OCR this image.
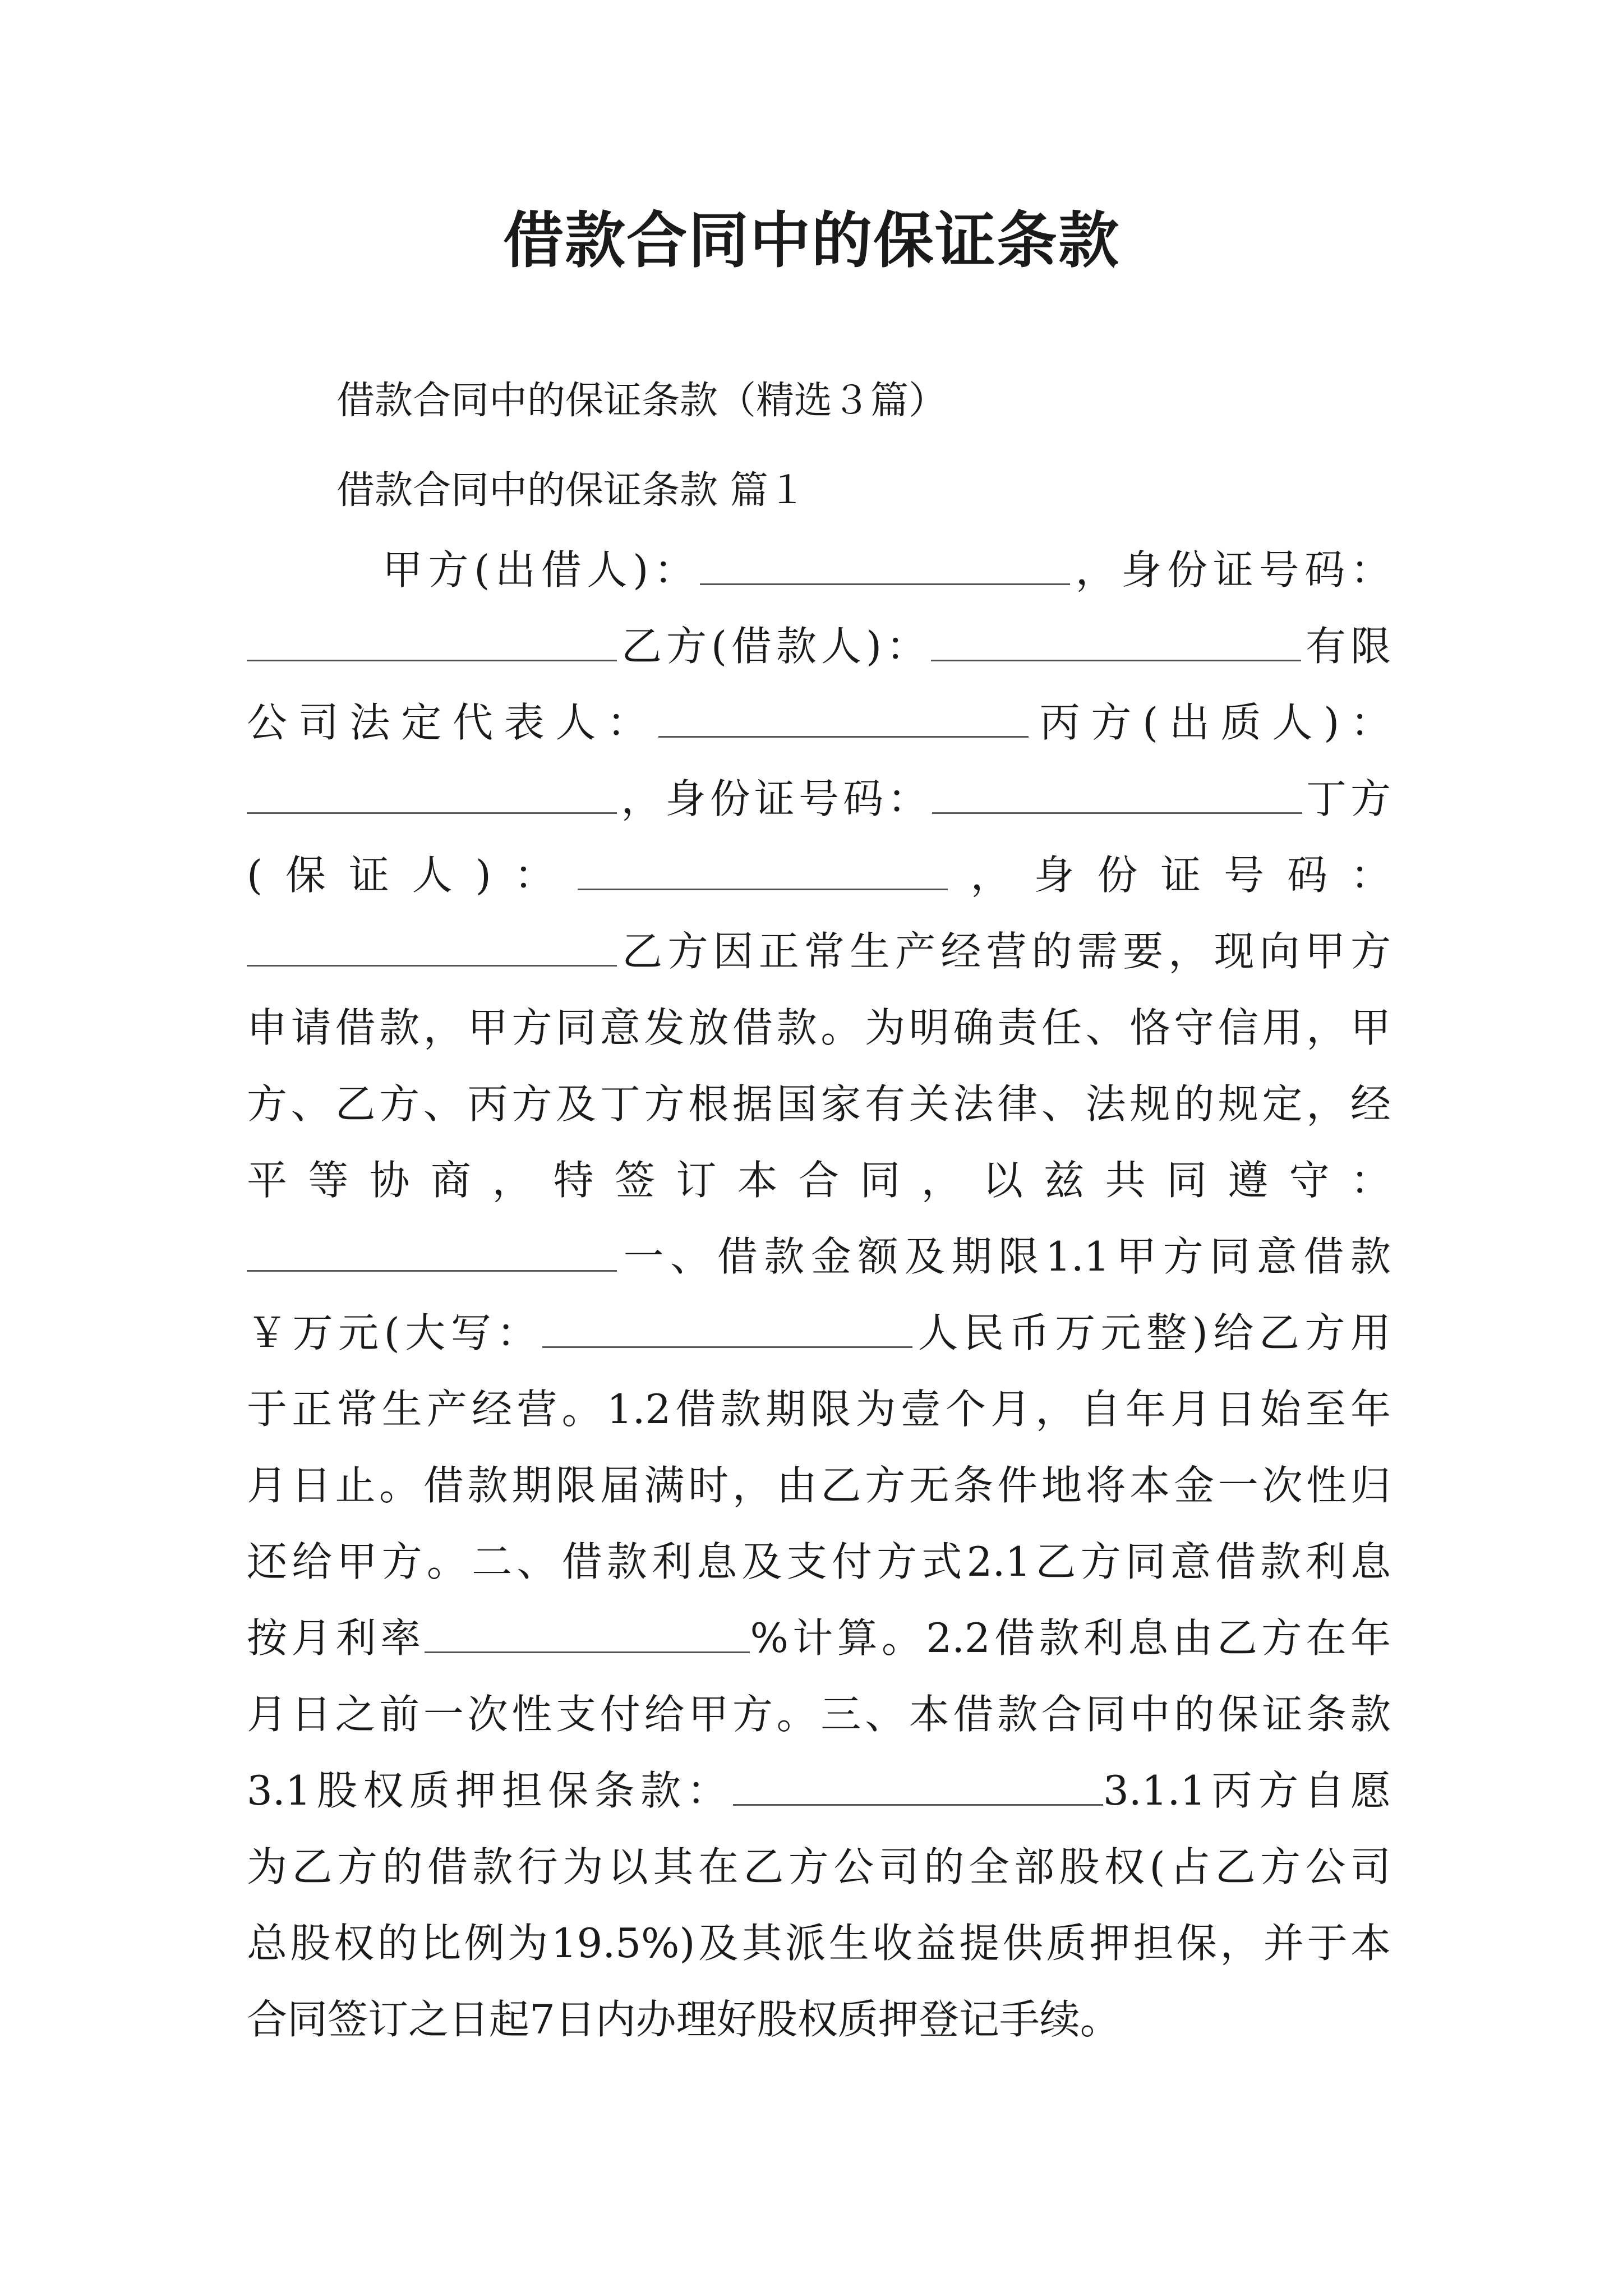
借款合同中的保证条款
借款合同中的保证条款（精选３篇）
借款合同中的保证条款 篇１
　甲方(出借人)：	，身份证号码：
乙方(借款人)：	有限
公司法定代表人：	丙方(出质人)：
，身份证号码：	丁方
(保证人)：	，身份证号码：
乙方因正常生产经营的需要，现向甲方
申请借款，甲方同意发放借款。为明确责任、恪守信用，甲
方、乙方、丙方及丁方根据国家有关法律、法规的规定，经
平等协商，特签订本合同，以兹共同遵守：
一、借款金额及期限1.1甲方同意借款
￥万元(大写：	人民币万元整)给乙方用
于正常生产经营。1.2借款期限为壹个月，自年月日始至年
月日止。借款期限届满时，由乙方无条件地将本金一次性归
还给甲方。二、借款利息及支付方式2.1乙方同意借款利息
按月利率	%计算。2.2借款利息由乙方在年
月日之前一次性支付给甲方。三、本借款合同中的保证条款
3.1股权质押担保条款：	3.1.1丙方自愿
为乙方的借款行为以其在乙方公司的全部股权(占乙方公司
总股权的比例为19.5%)及其派生收益提供质押担保，并于本
合同签订之日起7日内办理好股权质押登记手续。
